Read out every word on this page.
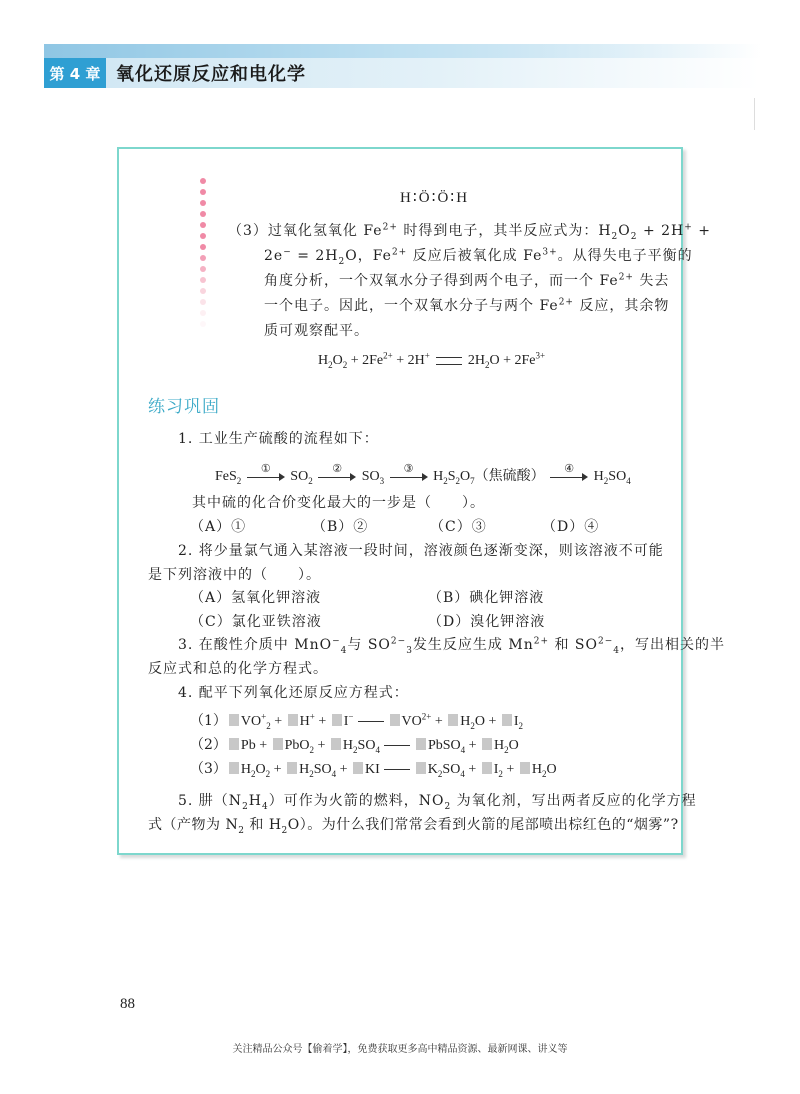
第 4 章 氧化还原反应和电化学
H∶Ö∶Ö∶H
（3）过氧化氢氧化 $Fe^{2+}$ 时得到电子，其半反应式为：$H_2O_2 + 2H^+$ +
$2e^- = 2H_2O$，$Fe^{2+}$ 反应后被氧化成 $Fe^{3+}$。从得失电子平衡的
角度分析，一个双氧水分子得到两个电子，而一个 $Fe^{2+}$ 失去
一个电子。因此，一个双氧水分子与两个 $Fe^{2+}$ 反应，其余物
质可观察配平。
$H_2O_2 + 2Fe^{2+} + 2H^+$	$2H_2O + 2Fe^{3+}$
练习巩固
1. 工业生产硫酸的流程如下：
FeS$_2$
①
$SO_2$
②
$SO_3$
③
$H_2S_2O_7$（焦硫酸）	④
$H_2SO_4$
其中硫的化合价变化最大的一步是（　　）。
（A）①	（B）②	（C）③	（D）④
2. 将少量氯气通入某溶液一段时间，溶液颜色逐渐变深，则该溶液不可能
是下列溶液中的（　　）。
（A）氢氧化钾溶液	（B）碘化钾溶液
（C）氯化亚铁溶液	（D）溴化钾溶液
3. 在酸性介质中 MnO−$_4$与 $SO^{2-}_3$发生反应生成 $Mn^{2+}$ 和 $SO^{2-}_4$，写出相关的半
反应式和总的化学方程式。
4. 配平下列氧化还原反应方程式：
（1） $VO^+_2 + H^+ + I^-$	$VO^{2+} + H_2O + I_2$
（2） $Pb + PbO_2 + H_2SO_4$	PbSO$_4$ + $H_2O$
（3） $H_2O_2 + H_2SO_4$ + KI	$K_2SO_4 + I_2 + H_2O$
5. 肼$(N_2H_4)$可作为火箭的燃料，$NO_2$ 为氧化剂，写出两者反应的化学方程
式（产物为 $N_2$ 和 $H_2O$）。为什么我们常常会看到火箭的尾部喷出棕红色的“烟雾”?
88
关注精品公众号【偷着学】，免费获取更多高中精品资源、最新网课、讲义等
